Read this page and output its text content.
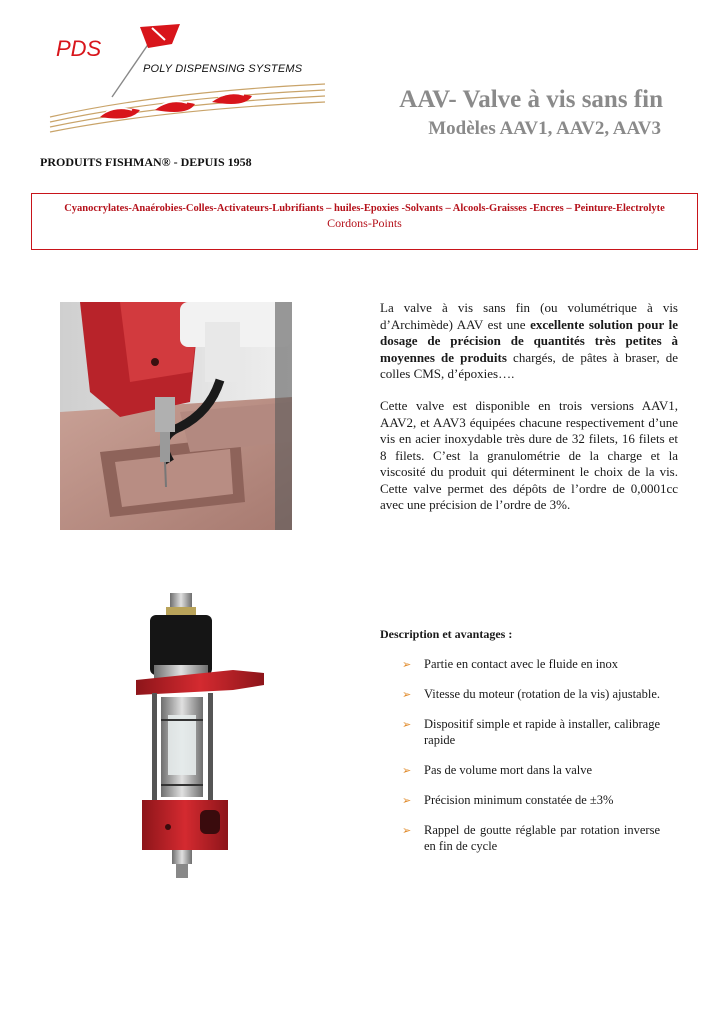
PDS
POLY DISPENSING SYSTEMS
AAV- Valve à vis sans fin
Modèles AAV1, AAV2, AAV3
PRODUITS FISHMAN® - DEPUIS 1958
Cyanocrylates-Anaérobies-Colles-Activateurs-Lubrifiants – huiles-Epoxies -Solvants – Alcools-Graisses -Encres – Peinture-Electrolyte
Cordons-Points
La valve à vis sans fin (ou volumétrique à vis d’Archimède) AAV est une excellente solution pour le dosage de précision de quantités très petites à moyennes de produits chargés, de pâtes à braser, de colles CMS, d’époxies….
Cette valve est disponible en trois versions AAV1, AAV2, et AAV3 équipées chacune respectivement d’une vis en acier inoxydable très dure de 32 filets, 16 filets et 8 filets. C’est la granulométrie de la charge et la viscosité du produit qui déterminent le choix de la vis. Cette valve permet des dépôts de l’ordre de 0,0001cc avec une précision de l’ordre de 3%.
Description et avantages :
➢ Partie en contact avec le fluide en inox
➢ Vitesse du moteur (rotation de la vis) ajustable.
➢ Dispositif simple et rapide à installer, calibrage rapide
➢ Pas de volume mort dans la valve
➢ Précision minimum constatée de ±3%
➢ Rappel de goutte réglable par rotation inverse en fin de cycle
